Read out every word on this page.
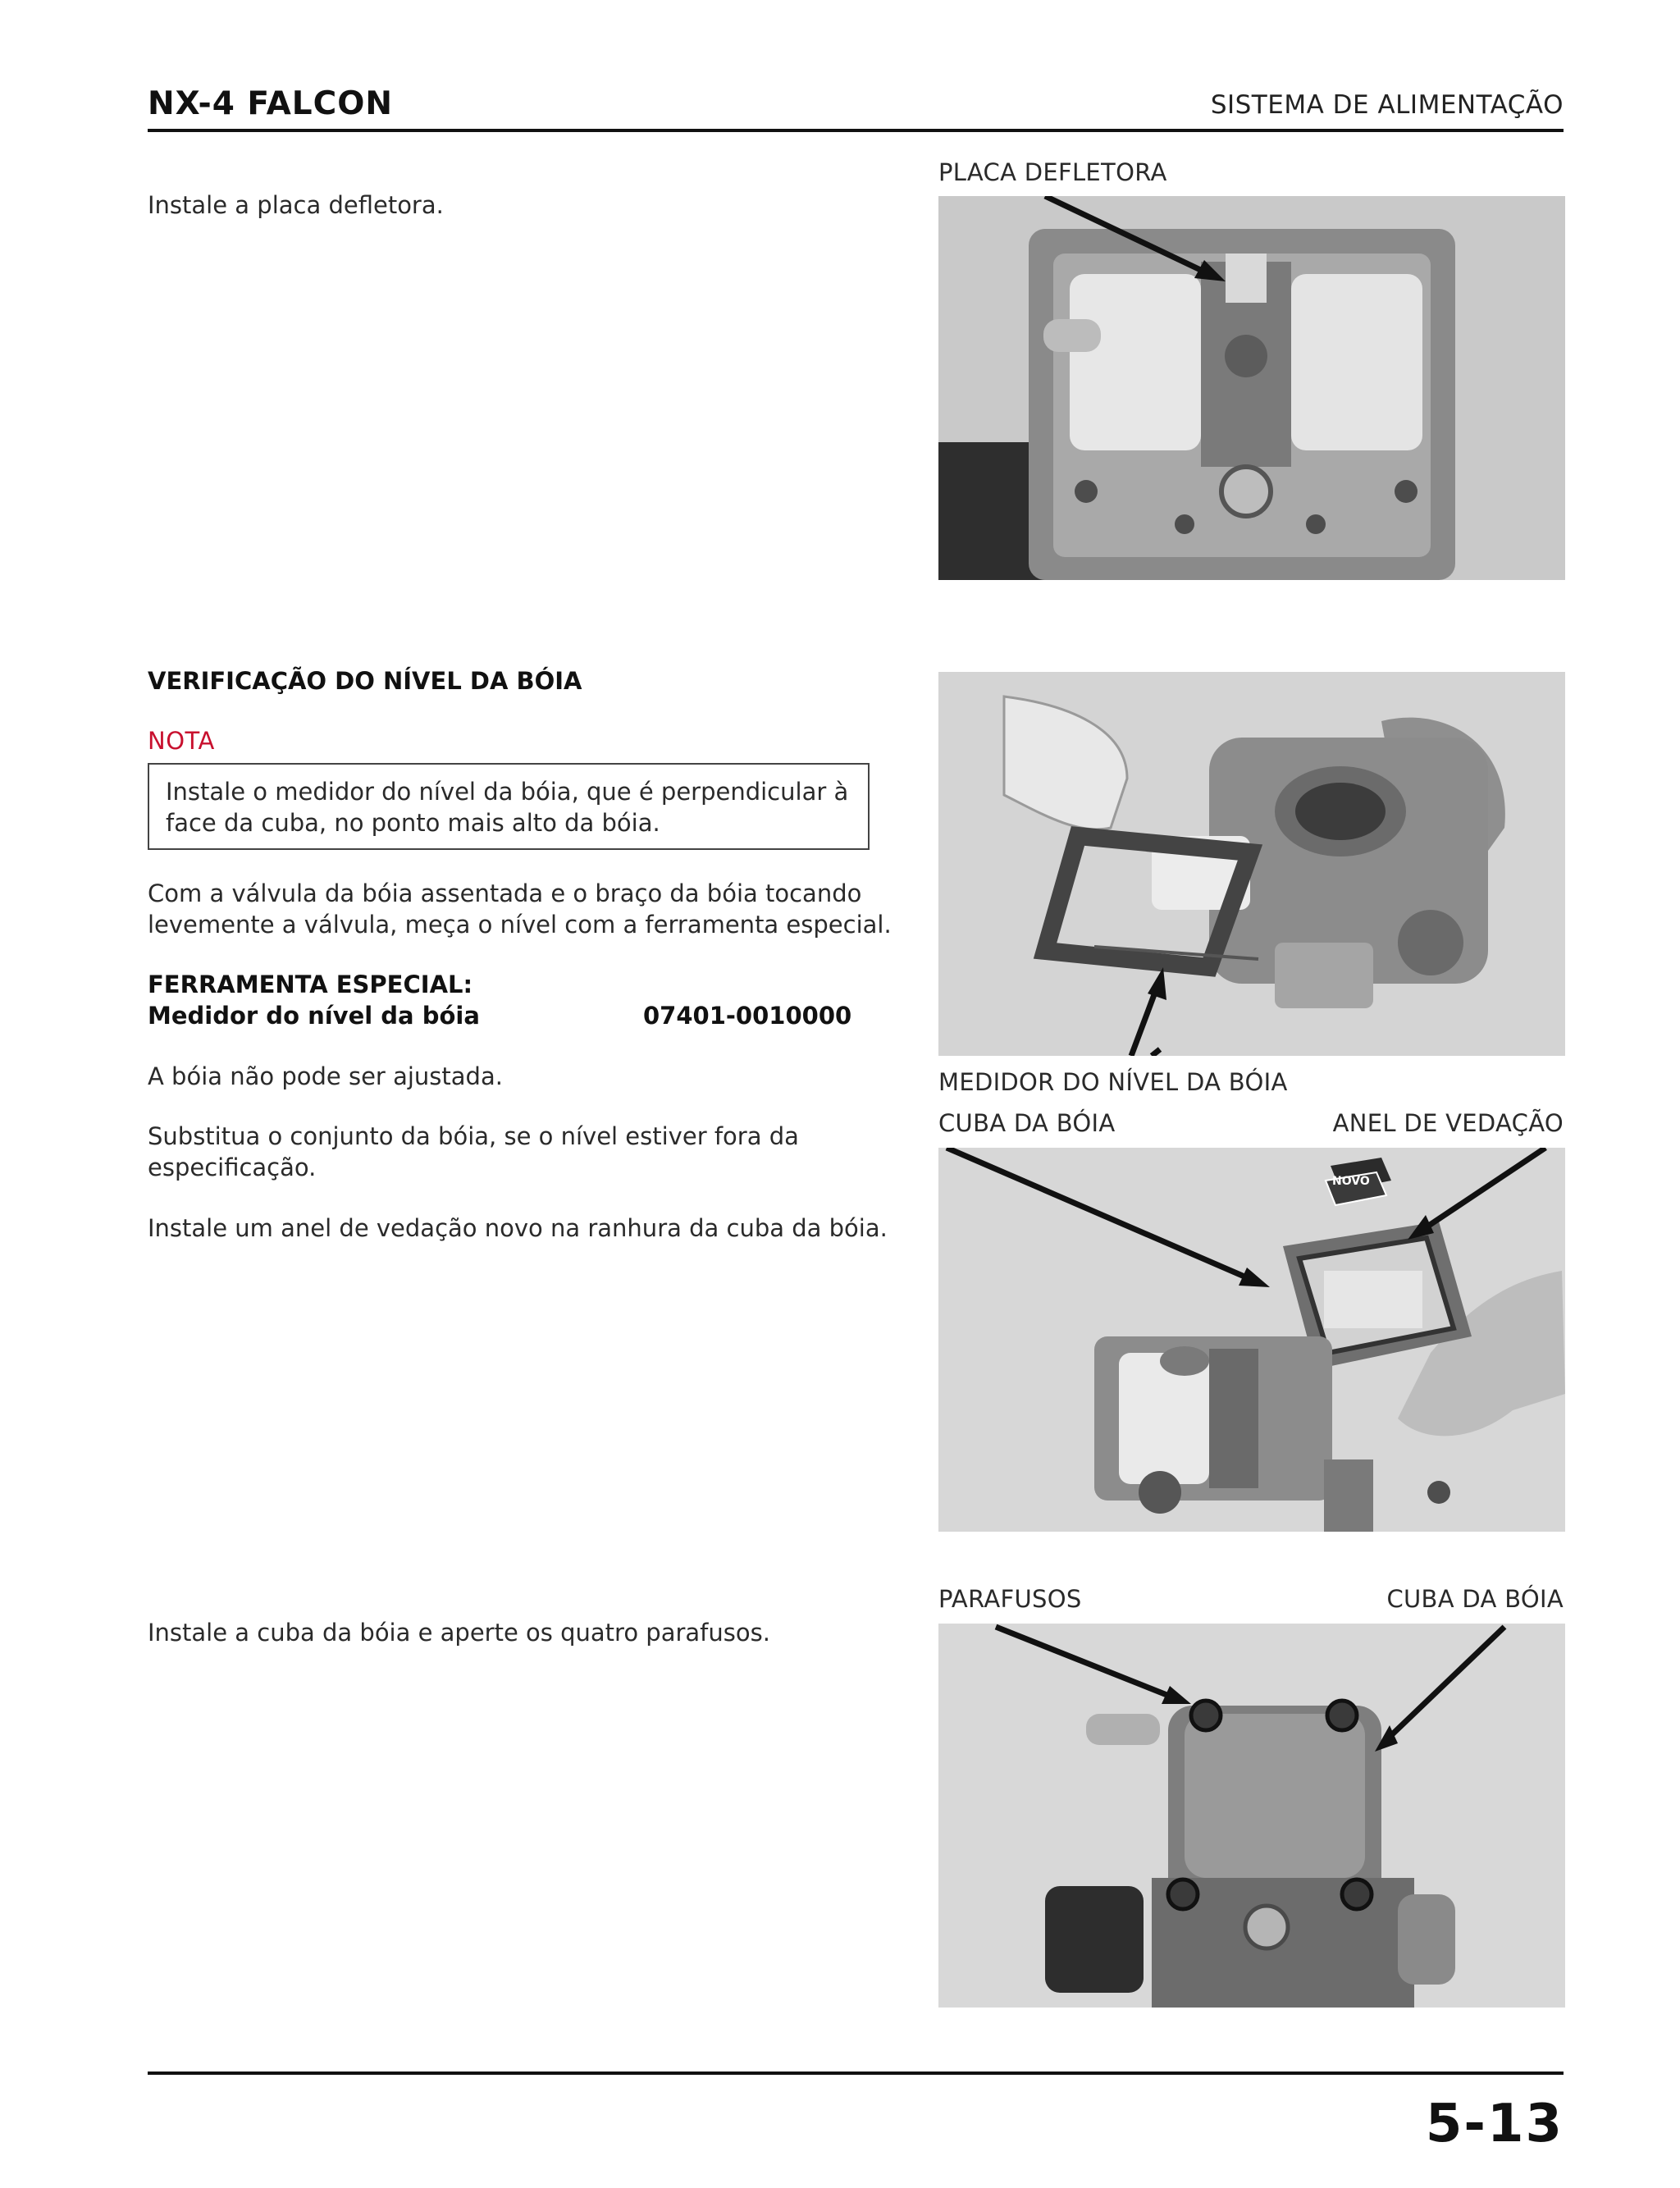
NX-4 FALCON	SISTEMA DE ALIMENTAÇÃO
Instale a placa defletora.
VERIFICAÇÃO DO NÍVEL DA BÓIA
NOTA
Instale o medidor do nível da bóia, que é perpendicular à
face da cuba, no ponto mais alto da bóia.
Com a válvula da bóia assentada e o braço da bóia tocando
levemente a válvula, meça o nível com a ferramenta especial.
FERRAMENTA ESPECIAL:
Medidor do nível da bóia	07401-0010000
A bóia não pode ser ajustada.
Substitua o conjunto da bóia, se o nível estiver fora da
especificação.
Instale um anel de vedação novo na ranhura da cuba da bóia.
Instale a cuba da bóia e aperte os quatro parafusos.
PLACA DEFLETORA
MEDIDOR DO NÍVEL DA BÓIA
CUBA DA BÓIA	ANEL DE VEDAÇÃO
NOVO
PARAFUSOS	CUBA DA BÓIA
5-13
